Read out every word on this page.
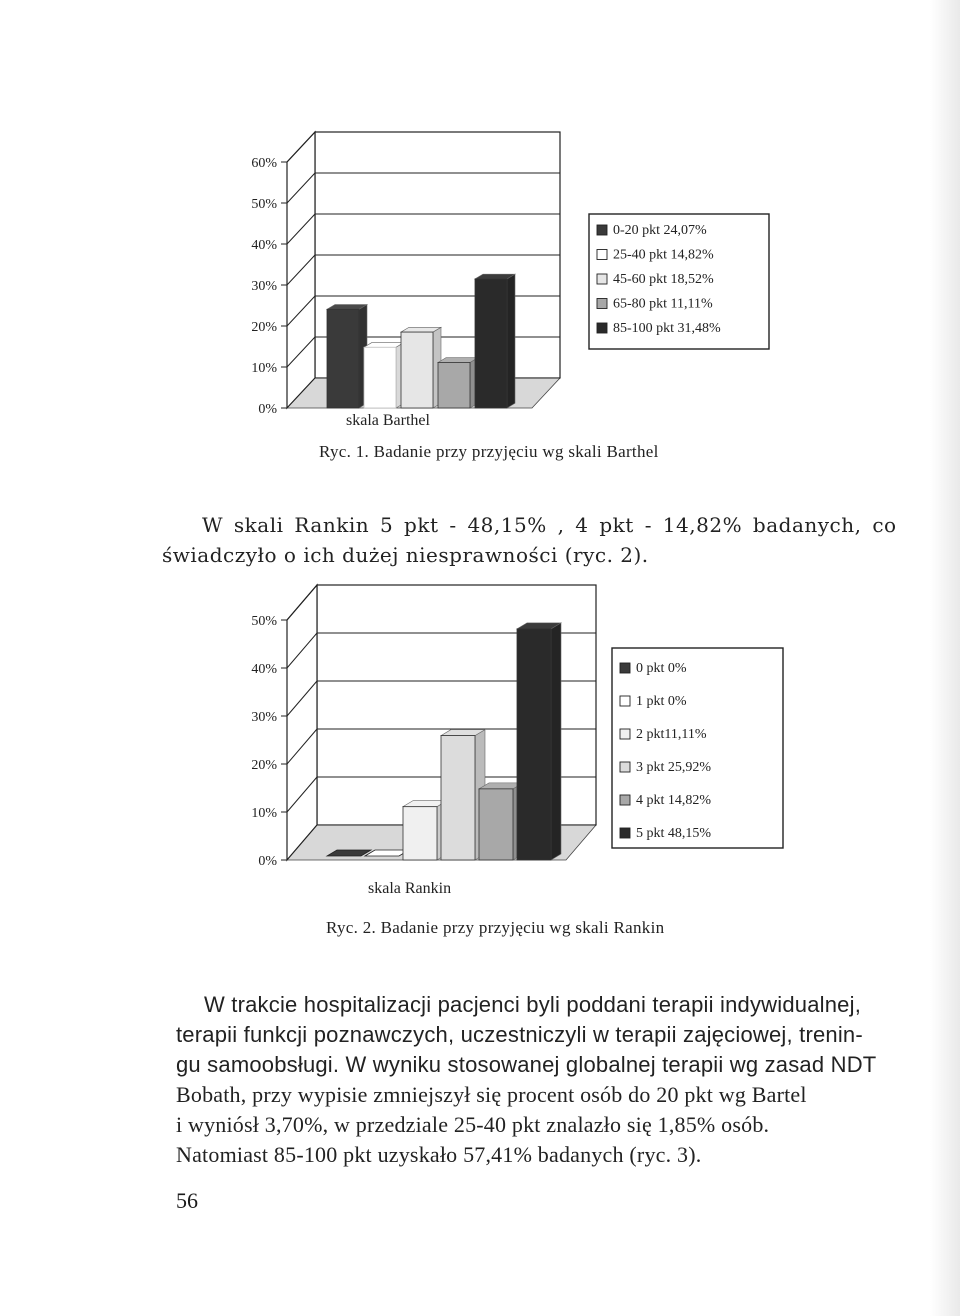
0%
10%
20%
30%
40%
50%
60%
skala Barthel
0-20 pkt 24,07%
25-40 pkt 14,82%
45-60 pkt 18,52%
65-80 pkt 11,11%
85-100 pkt 31,48%
0%
10%
20%
30%
40%
50%
skala Rankin
0 pkt 0%
1 pkt 0%
2 pkt11,11%
3 pkt 25,92%
4 pkt 14,82%
5 pkt 48,15%
Ryc. 1. Badanie przy przyjęciu wg skali Barthel
W skali Rankin 5 pkt - 48,15% , 4 pkt - 14,82% badanych, co
świadczyło o ich dużej niesprawności (ryc. 2).
Ryc. 2. Badanie przy przyjęciu wg skali Rankin
W trakcie hospitalizacji pacjenci byli poddani terapii indywidualnej,
terapii funkcji poznawczych, uczestniczyli w terapii zajęciowej, trenin-
gu samoobsługi. W wyniku stosowanej globalnej terapii wg zasad NDT
Bobath, przy wypisie zmniejszył się procent osób do 20 pkt wg Bartel
i wyniósł 3,70%, w przedziale 25-40 pkt znalazło się 1,85% osób.
Natomiast 85-100 pkt uzyskało 57,41% badanych (ryc. 3).
56
